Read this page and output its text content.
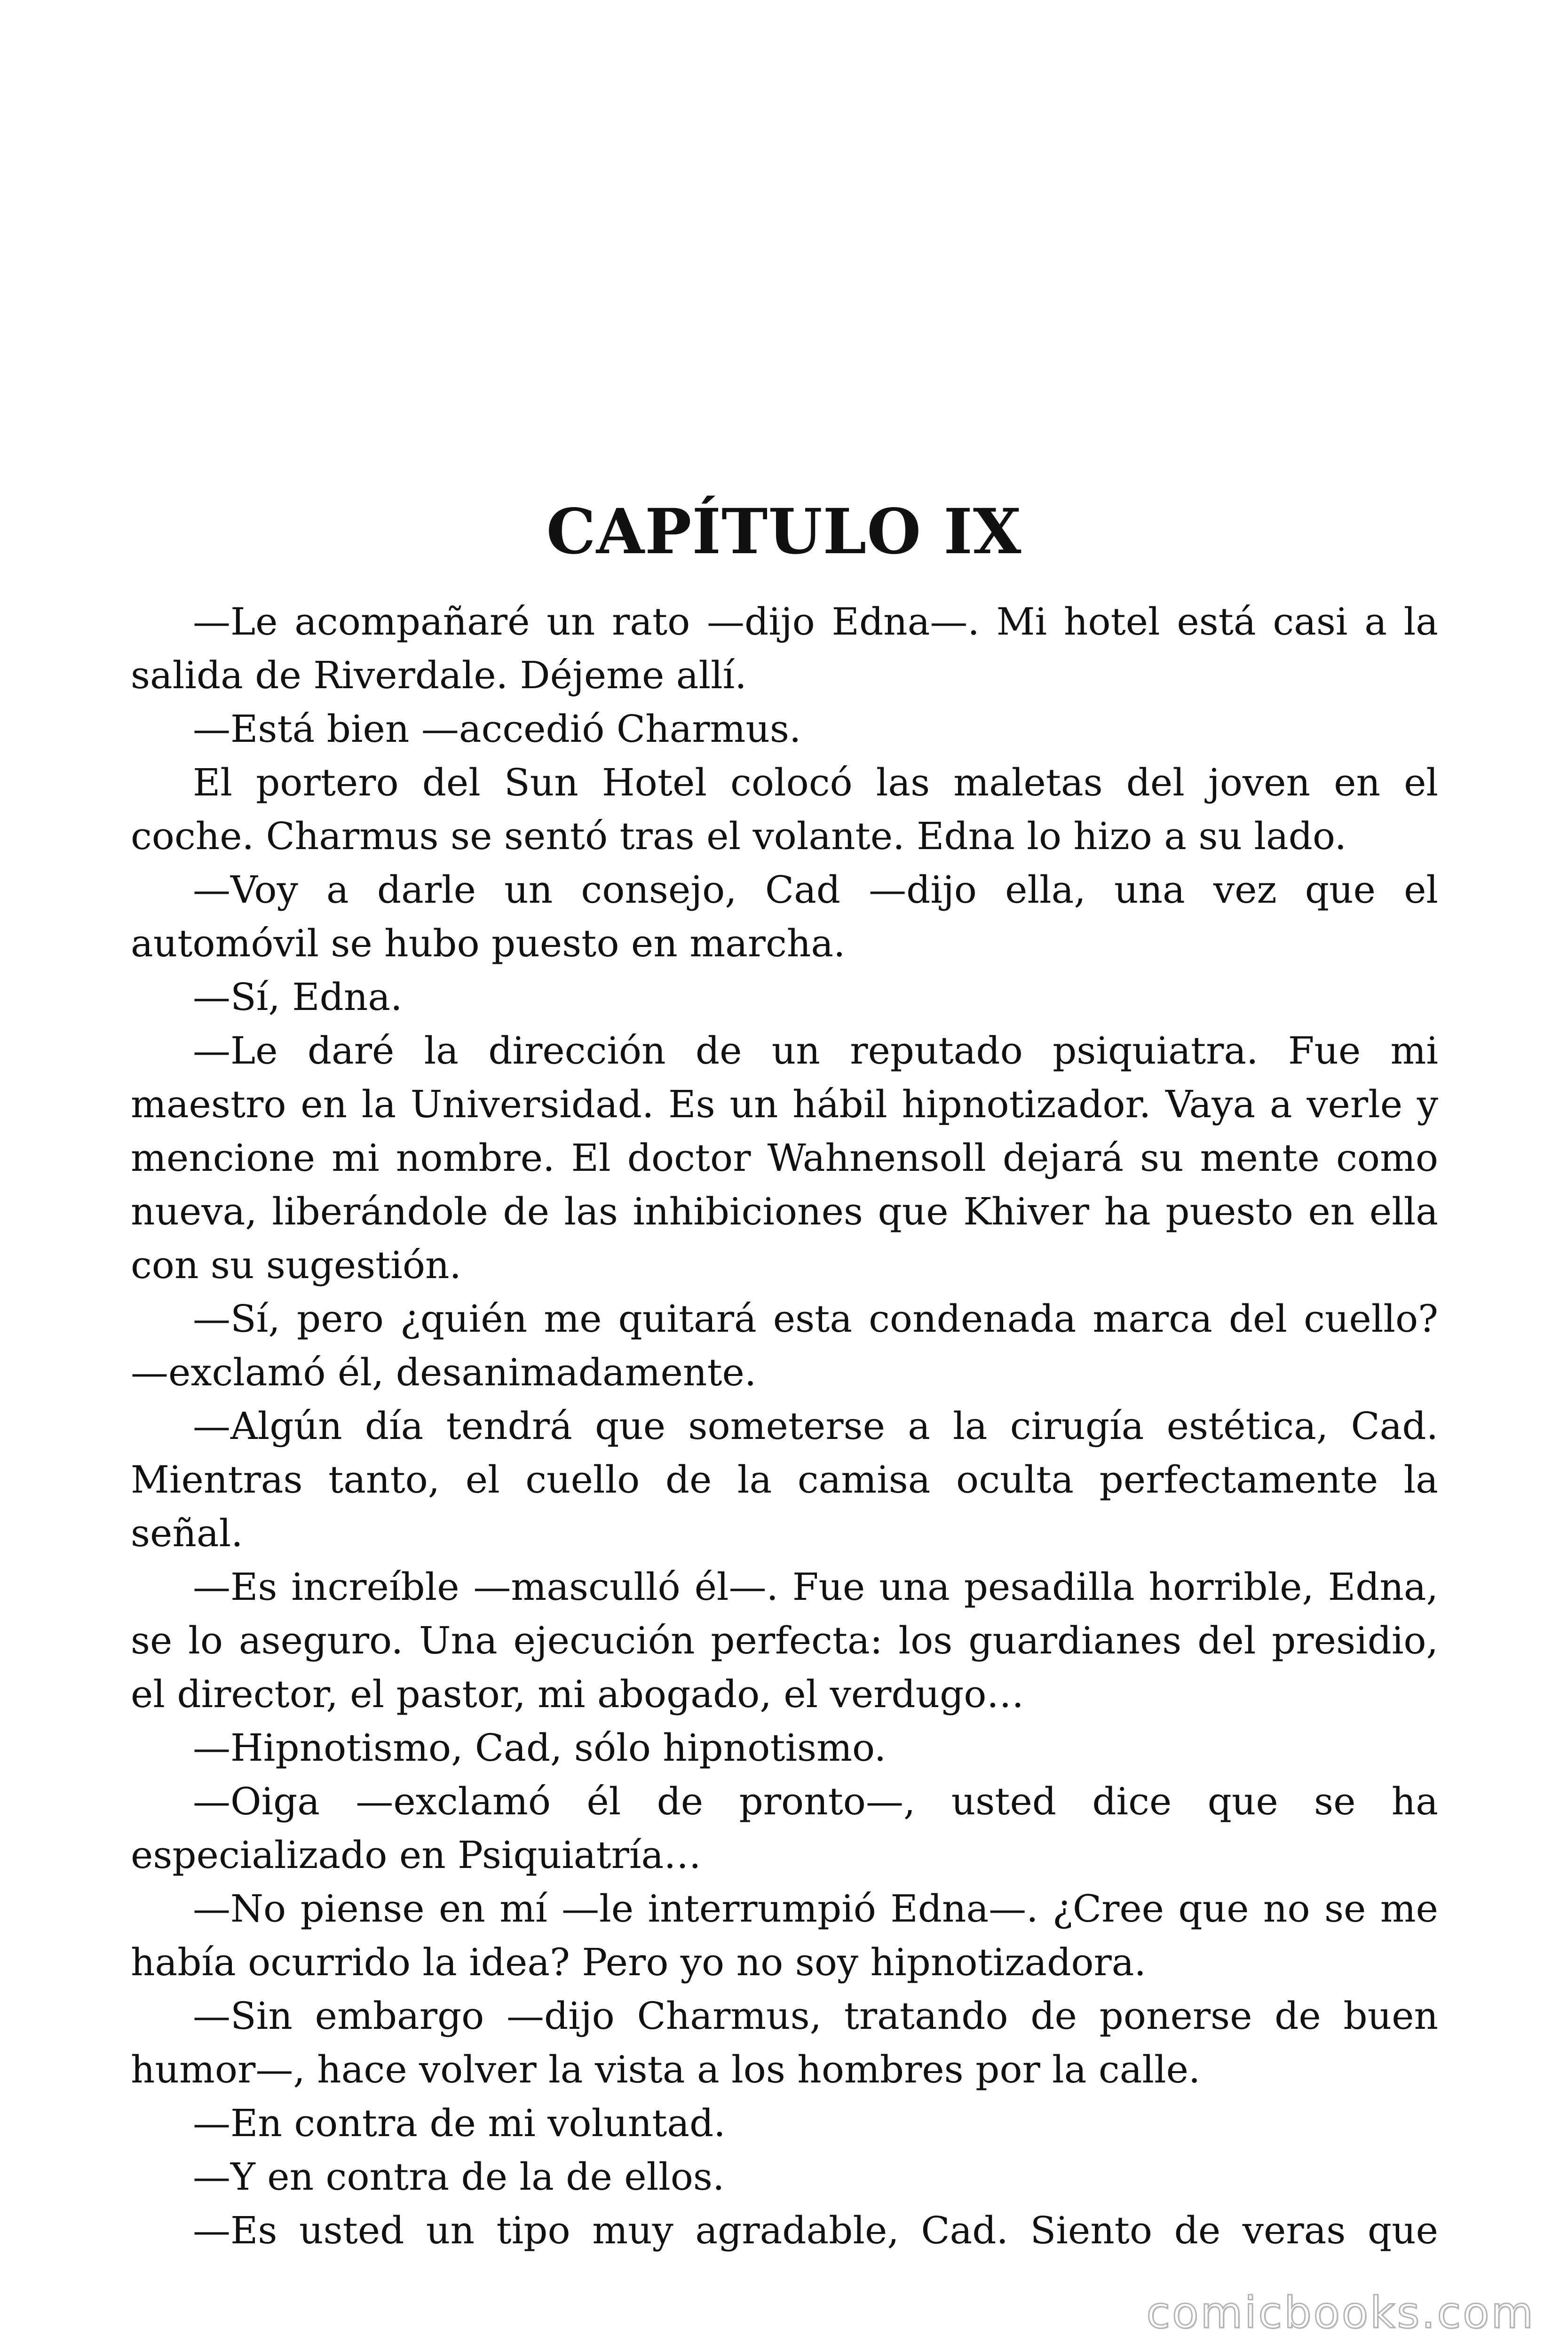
CAPÍTULO IX

—Le acompañaré un rato —dijo Edna—. Mi hotel está casi a la salida de Riverdale. Déjeme allí.

—Está bien —accedió Charmus.

El portero del Sun Hotel colocó las maletas del joven en el coche. Charmus se sentó tras el volante. Edna lo hizo a su lado.

—Voy a darle un consejo, Cad —dijo ella, una vez que el automóvil se hubo puesto en marcha.

—Sí, Edna.

—Le daré la dirección de un reputado psiquiatra. Fue mi maestro en la Universidad. Es un hábil hipnotizador. Vaya a verle y mencione mi nombre. El doctor Wahnensoll dejará su mente como nueva, liberándole de las inhibiciones que Khiver ha puesto en ella con su sugestión.

—Sí, pero ¿quién me quitará esta condenada marca del cuello? —exclamó él, desanimadamente.

—Algún día tendrá que someterse a la cirugía estética, Cad. Mientras tanto, el cuello de la camisa oculta perfectamente la señal.

—Es increíble —masculló él—. Fue una pesadilla horrible, Edna, se lo aseguro. Una ejecución perfecta: los guardianes del presidio, el director, el pastor, mi abogado, el verdugo…

—Hipnotismo, Cad, sólo hipnotismo.

—Oiga —exclamó él de pronto—, usted dice que se ha especializado en Psiquiatría…

—No piense en mí —le interrumpió Edna—. ¿Cree que no se me había ocurrido la idea? Pero yo no soy hipnotizadora.

—Sin embargo —dijo Charmus, tratando de ponerse de buen humor—, hace volver la vista a los hombres por la calle.

—En contra de mi voluntad.

—Y en contra de la de ellos.

—Es usted un tipo muy agradable, Cad. Siento de veras que

comicbooks.com
